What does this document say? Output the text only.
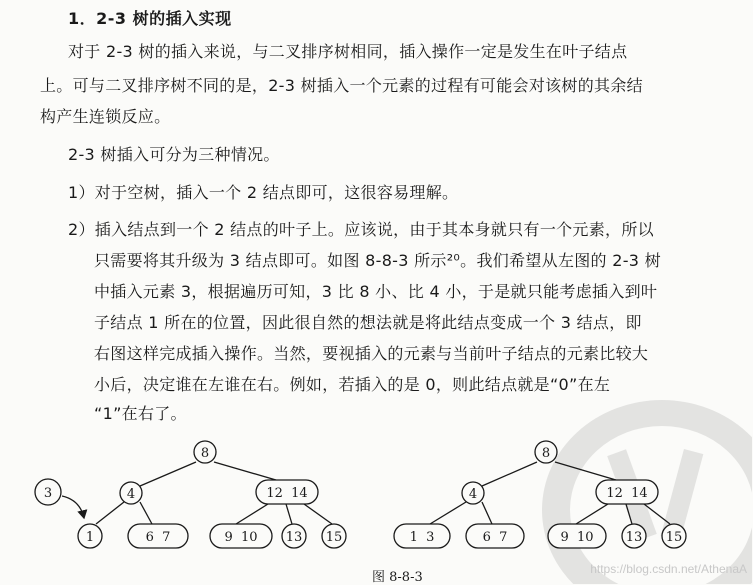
1．2-3 树的插入实现
对于 2-3 树的插入来说，与二叉排序树相同，插入操作一定是发生在叶子结点
上。可与二叉排序树不同的是，2-3 树插入一个元素的过程有可能会对该树的其余结
构产生连锁反应。
2-3 树插入可分为三种情况。
1）对于空树，插入一个 2 结点即可，这很容易理解。
2）插入结点到一个 2 结点的叶子上。应该说，由于其本身就只有一个元素，所以
只需要将其升级为 3 结点即可。如图 8-8-3 所示²⁰。我们希望从左图的 2-3 树
中插入元素 3，根据遍历可知，3 比 8 小、比 4 小，于是就只能考虑插入到叶
子结点 1 所在的位置，因此很自然的想法就是将此结点变成一个 3 结点，即
右图这样完成插入操作。当然，要视插入的元素与当前叶子结点的元素比较大
小后，决定谁在左谁在右。例如，若插入的是 0，则此结点就是“0”在左
“1”在右了。
8
3	4	12  14
1	6  7	9  10 13 15
8
4	12  14
1  3	6  7	9  10 13 15
图 8-8-3
https://blog.csdn.net/AthenaA
